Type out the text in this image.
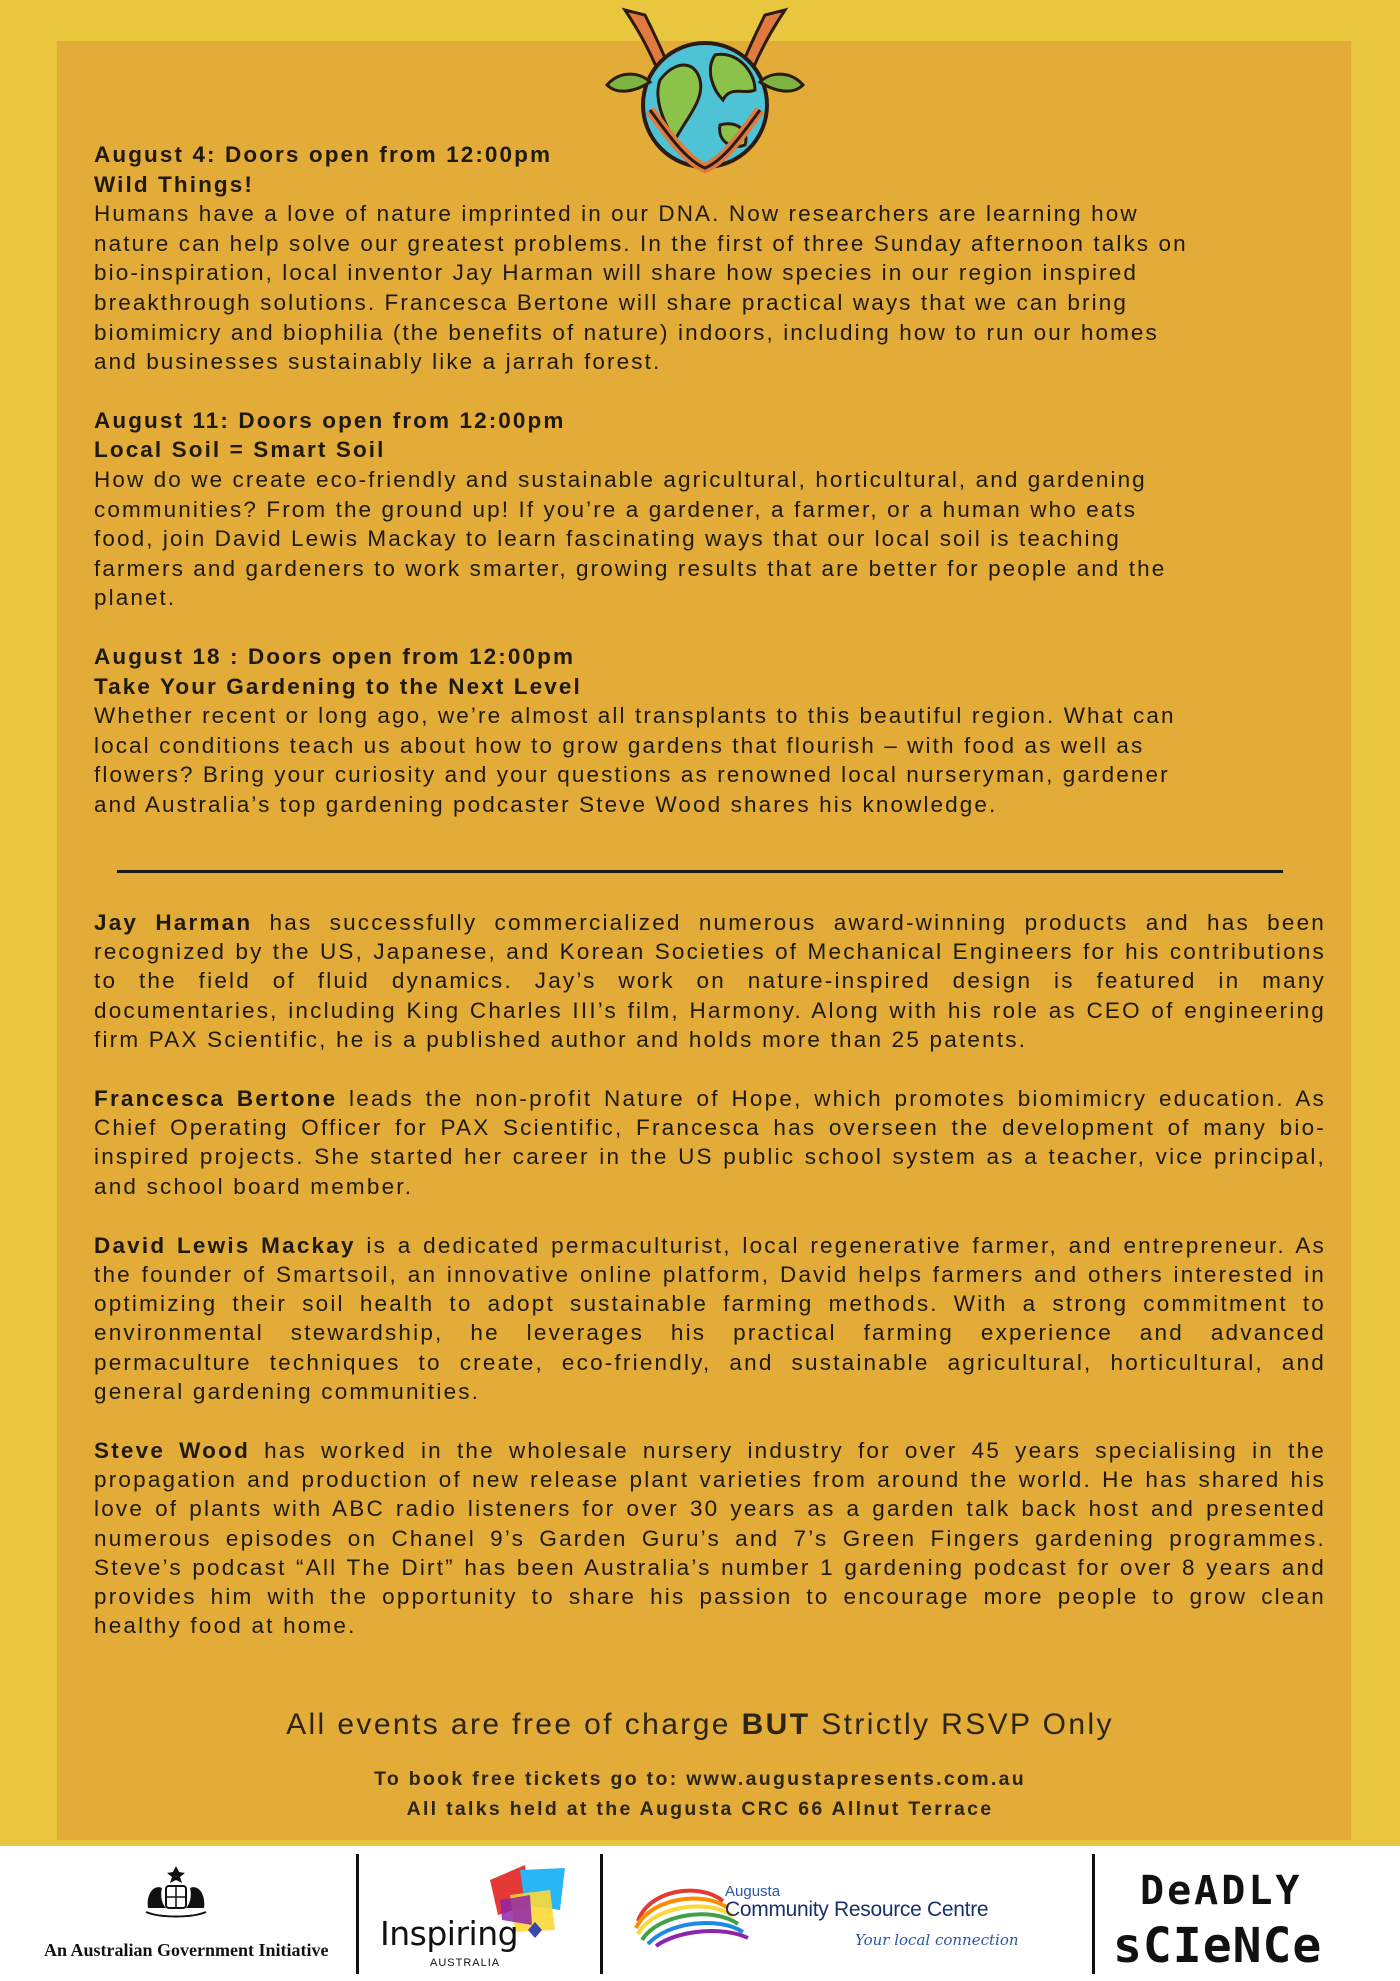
August 4: Doors open from 12:00pm
Wild Things!

Humans have a love of nature imprinted in our DNA. Now researchers are learning how
nature can help solve our greatest problems. In the first of three Sunday afternoon talks on
bio-inspiration, local inventor Jay Harman will share how species in our region inspired
breakthrough solutions. Francesca Bertone will share practical ways that we can bring
biomimicry and biophilia (the benefits of nature) indoors, including how to run our homes
and businesses sustainably like a jarrah forest.

August 11: Doors open from 12:00pm
Local Soil = Smart Soil

How do we create eco-friendly and sustainable agricultural, horticultural, and gardening
communities? From the ground up! If you’re a gardener, a farmer, or a human who eats
food, join David Lewis Mackay to learn fascinating ways that our local soil is teaching
farmers and gardeners to work smarter, growing results that are better for people and the
planet.

August 18 : Doors open from 12:00pm
Take Your Gardening to the Next Level

Whether recent or long ago, we’re almost all transplants to this beautiful region. What can
local conditions teach us about how to grow gardens that flourish – with food as well as
flowers? Bring your curiosity and your questions as renowned local nurseryman, gardener
and Australia’s top gardening podcaster Steve Wood shares his knowledge.

Jay Harman has successfully commercialized numerous award-winning products and has been recognized by the US, Japanese, and Korean Societies of Mechanical Engineers for his contributions to the field of fluid dynamics. Jay’s work on nature-inspired design is featured in many documentaries, including King Charles III’s film, Harmony. Along with his role as CEO of engineering firm PAX Scientific, he is a published author and holds more than 25 patents.

Francesca Bertone leads the non-profit Nature of Hope, which promotes biomimicry education. As Chief Operating Officer for PAX Scientific, Francesca has overseen the development of many bio-inspired projects. She started her career in the US public school system as a teacher, vice principal, and school board member.

David Lewis Mackay is a dedicated permaculturist, local regenerative farmer, and entrepreneur. As the founder of Smartsoil, an innovative online platform, David helps farmers and others interested in optimizing their soil health to adopt sustainable farming methods. With a strong commitment to environmental stewardship, he leverages his practical farming experience and advanced permaculture techniques to create, eco-friendly, and sustainable agricultural, horticultural, and general gardening communities.

Steve Wood has worked in the wholesale nursery industry for over 45 years specialising in the propagation and production of new release plant varieties from around the world. He has shared his love of plants with ABC radio listeners for over 30 years as a garden talk back host and presented numerous episodes on Chanel 9’s Garden Guru’s and 7’s Green Fingers gardening programmes. Steve’s podcast “All The Dirt” has been Australia’s number 1 gardening podcast for over 8 years and provides him with the opportunity to share his passion to encourage more people to grow clean healthy food at home.

All events are free of charge BUT Strictly RSVP Only
To book free tickets go to: www.augustapresents.com.au
All talks held at the Augusta CRC 66 Allnut Terrace
An Australian Government Initiative Inspiring
AUSTRALIA
Augusta
Community Resource Centre
Your local connection
DeADLY
sCIeNCe
